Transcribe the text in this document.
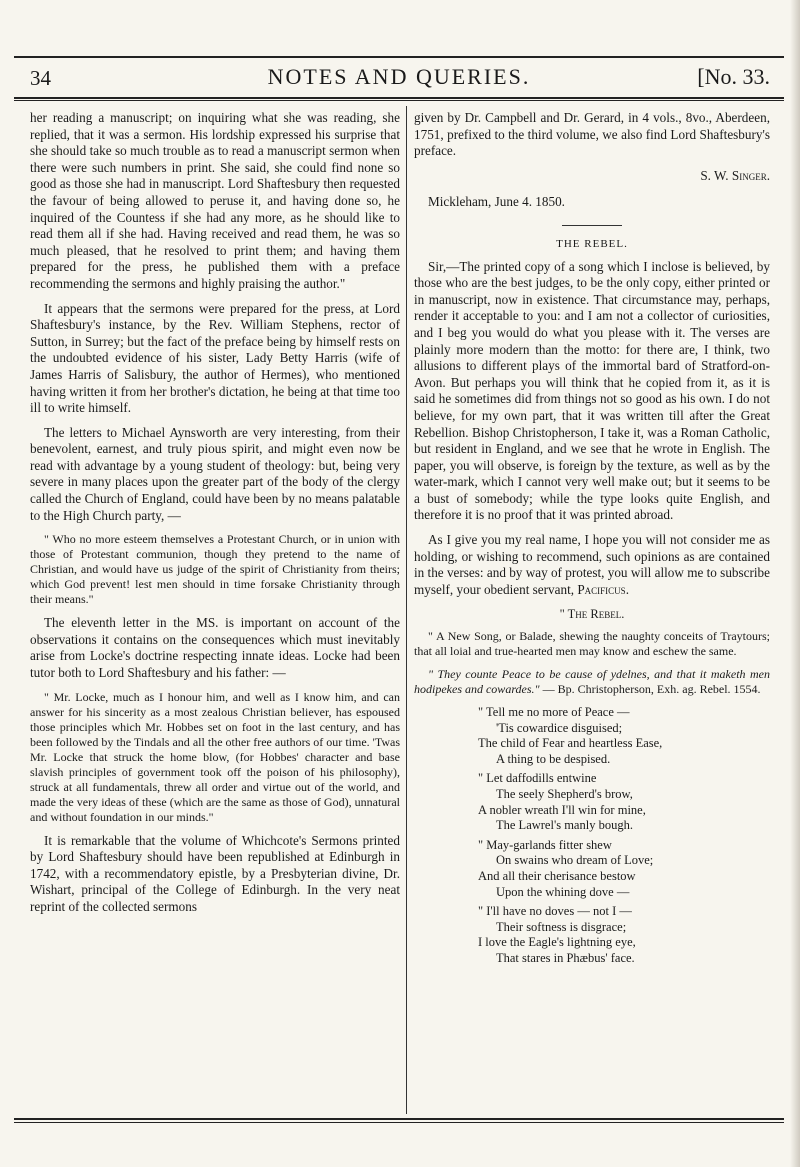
34	NOTES AND QUERIES.	[No. 33.

her reading a manuscript; on inquiring what she was reading, she replied, that it was a sermon. His lordship expressed his surprise that she should take so much trouble as to read a manuscript sermon when there were such numbers in print. She said, she could find none so good as those she had in manuscript. Lord Shaftesbury then requested the favour of being allowed to peruse it, and having done so, he inquired of the Countess if she had any more, as he should like to read them all if she had. Having received and read them, he was so much pleased, that he resolved to print them; and having them prepared for the press, he published them with a preface recommending the sermons and highly praising the author."

It appears that the sermons were prepared for the press, at Lord Shaftesbury's instance, by the Rev. William Stephens, rector of Sutton, in Surrey; but the fact of the preface being by himself rests on the undoubted evidence of his sister, Lady Betty Harris (wife of James Harris of Salisbury, the author of Hermes), who mentioned having written it from her brother's dictation, he being at that time too ill to write himself.

The letters to Michael Aynsworth are very interesting, from their benevolent, earnest, and truly pious spirit, and might even now be read with advantage by a young student of theology: but, being very severe in many places upon the greater part of the body of the clergy called the Church of England, could have been by no means palatable to the High Church party, —

" Who no more esteem themselves a Protestant Church, or in union with those of Protestant communion, though they pretend to the name of Christian, and would have us judge of the spirit of Christianity from theirs; which God prevent! lest men should in time forsake Christianity through their means."

The eleventh letter in the MS. is important on account of the observations it contains on the consequences which must inevitably arise from Locke's doctrine respecting innate ideas. Locke had been tutor both to Lord Shaftesbury and his father: —

" Mr. Locke, much as I honour him, and well as I know him, and can answer for his sincerity as a most zealous Christian believer, has espoused those principles which Mr. Hobbes set on foot in the last century, and has been followed by the Tindals and all the other free authors of our time. 'Twas Mr. Locke that struck the home blow, (for Hobbes' character and base slavish principles of government took off the poison of his philosophy), struck at all fundamentals, threw all order and virtue out of the world, and made the very ideas of these (which are the same as those of God), unnatural and without foundation in our minds."

It is remarkable that the volume of Whichcote's Sermons printed by Lord Shaftesbury should have been republished at Edinburgh in 1742, with a recommendatory epistle, by a Presbyterian divine, Dr. Wishart, principal of the College of Edinburgh. In the very neat reprint of the collected sermons

given by Dr. Campbell and Dr. Gerard, in 4 vols., 8vo., Aberdeen, 1751, prefixed to the third volume, we also find Lord Shaftesbury's preface.

S. W. Singer.
Mickleham, June 4. 1850.
THE REBEL.

Sir,—The printed copy of a song which I inclose is believed, by those who are the best judges, to be the only copy, either printed or in manuscript, now in existence. That circumstance may, perhaps, render it acceptable to you: and I am not a collector of curiosities, and I beg you would do what you please with it. The verses are plainly more modern than the motto: for there are, I think, two allusions to different plays of the immortal bard of Stratford-on-Avon. But perhaps you will think that he copied from it, as it is said he sometimes did from things not so good as his own. I do not believe, for my own part, that it was written till after the Great Rebellion. Bishop Christopherson, I take it, was a Roman Catholic, but resident in England, and we see that he wrote in English. The paper, you will observe, is foreign by the texture, as well as by the water-mark, which I cannot very well make out; but it seems to be a bust of somebody; while the type looks quite English, and therefore it is no proof that it was printed abroad.

As I give you my real name, I hope you will not consider me as holding, or wishing to recommend, such opinions as are contained in the verses: and by way of protest, you will allow me to subscribe myself, your obedient servant, Pacificus.

" The Rebel.
" A New Song, or Balade, shewing the naughty conceits of Traytours; that all loial and true-hearted men may know and eschew the same.
" They counte Peace to be cause of ydelnes, and that it maketh men hodipekes and cowardes." — Bp. Christopherson, Exh. ag. Rebel. 1554.
" Tell me no more of Peace —
'Tis cowardice disguised;
The child of Fear and heartless Ease,
A thing to be despised.
" Let daffodills entwine
The seely Shepherd's brow,
A nobler wreath I'll win for mine,
The Lawrel's manly bough.
" May-garlands fitter shew
On swains who dream of Love;
And all their cherisance bestow
Upon the whining dove —
" I'll have no doves — not I —
Their softness is disgrace;
I love the Eagle's lightning eye,
That stares in Phæbus' face.
